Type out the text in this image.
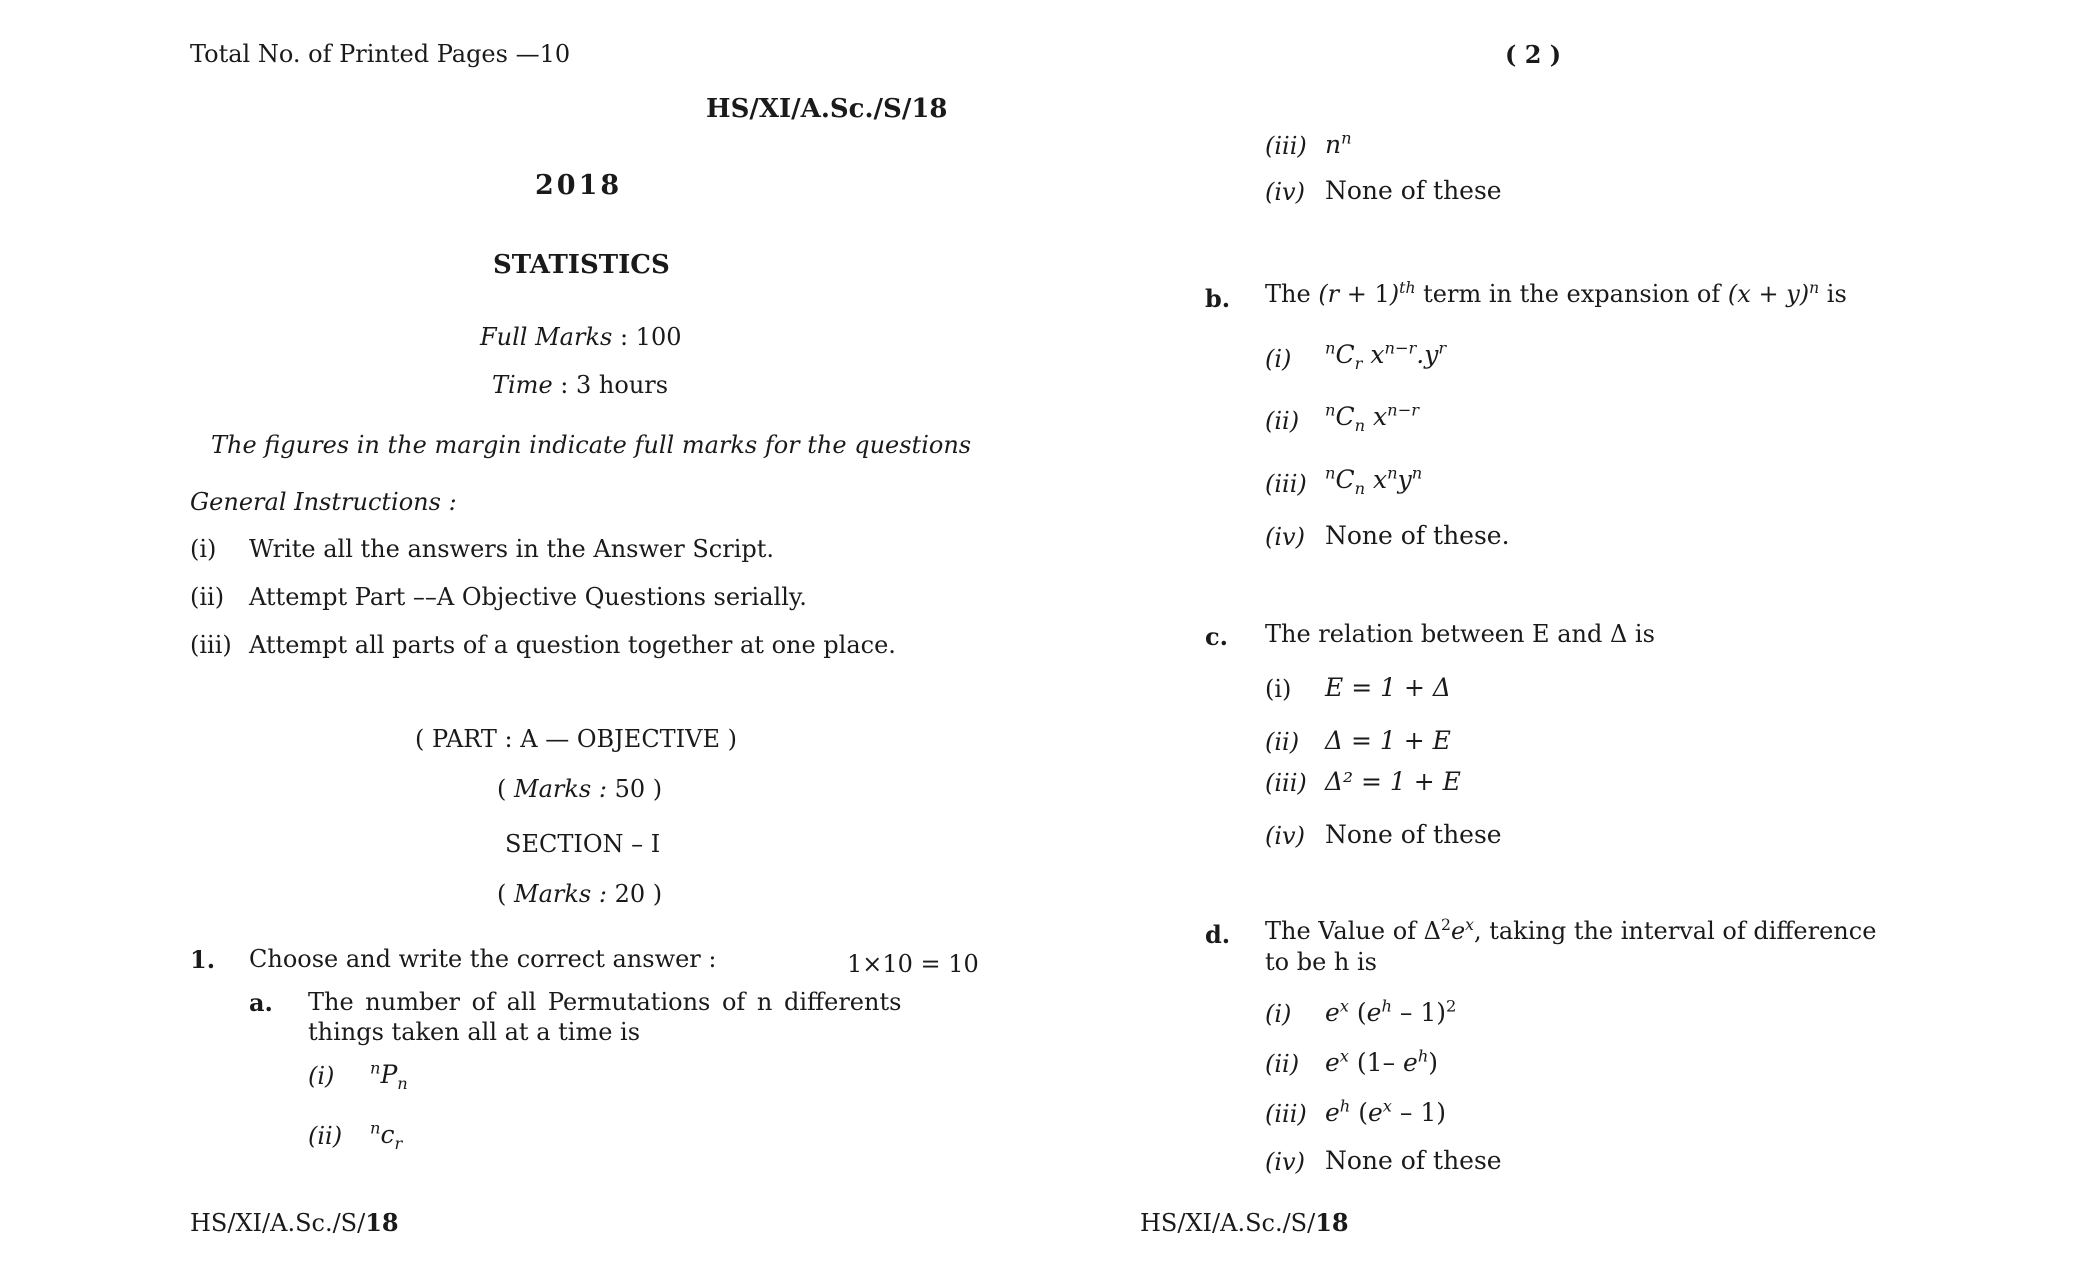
Total No. of Printed Pages —10
HS/XI/A.Sc./S/18
2018
STATISTICS
Full Marks : 100
Time : 3 hours
The figures in the margin indicate full marks for the questions
General Instructions :
(i) Write all the answers in the Answer Script.
(ii) Attempt Part ––A Objective Questions serially.
(iii) Attempt all parts of a question together at one place.
( PART : A — OBJECTIVE )
( Marks : 50 )
SECTION – I
( Marks : 20 )
1. Choose and write the correct answer :	1×10 = 10
a. The number of all Permutations of n differents
things taken all at a time is
(i) $^nP_n$
(ii) $^nc_r$
HS/XI/A.Sc./S/18
( 2 )
(iii) $n^n$
(iv) None of these
b. The $(r + 1)^{th}$ term in the expansion of $(x + y)^n$ is
(i) $^nC_r$ $x^{n-r}.y^r$
(ii) $^nC_n$ $x^{n-r}$
(iii) $^nC_n$ $x^ny^n$
(iv) None of these.
c. The relation between E and Δ is
(i) E = 1 + Δ
(ii) Δ = 1 + E
(iii) Δ² = 1 + E
(iv) None of these
d. The Value of $\Delta^2e^x$, taking the interval of difference
to be h is
(i) $e^x$ $(e^h - 1)^2$
(ii) $e^x$ (1– $e^h$)
(iii) $e^h$ $(e^x - 1)$
(iv) None of these
HS/XI/A.Sc./S/18
